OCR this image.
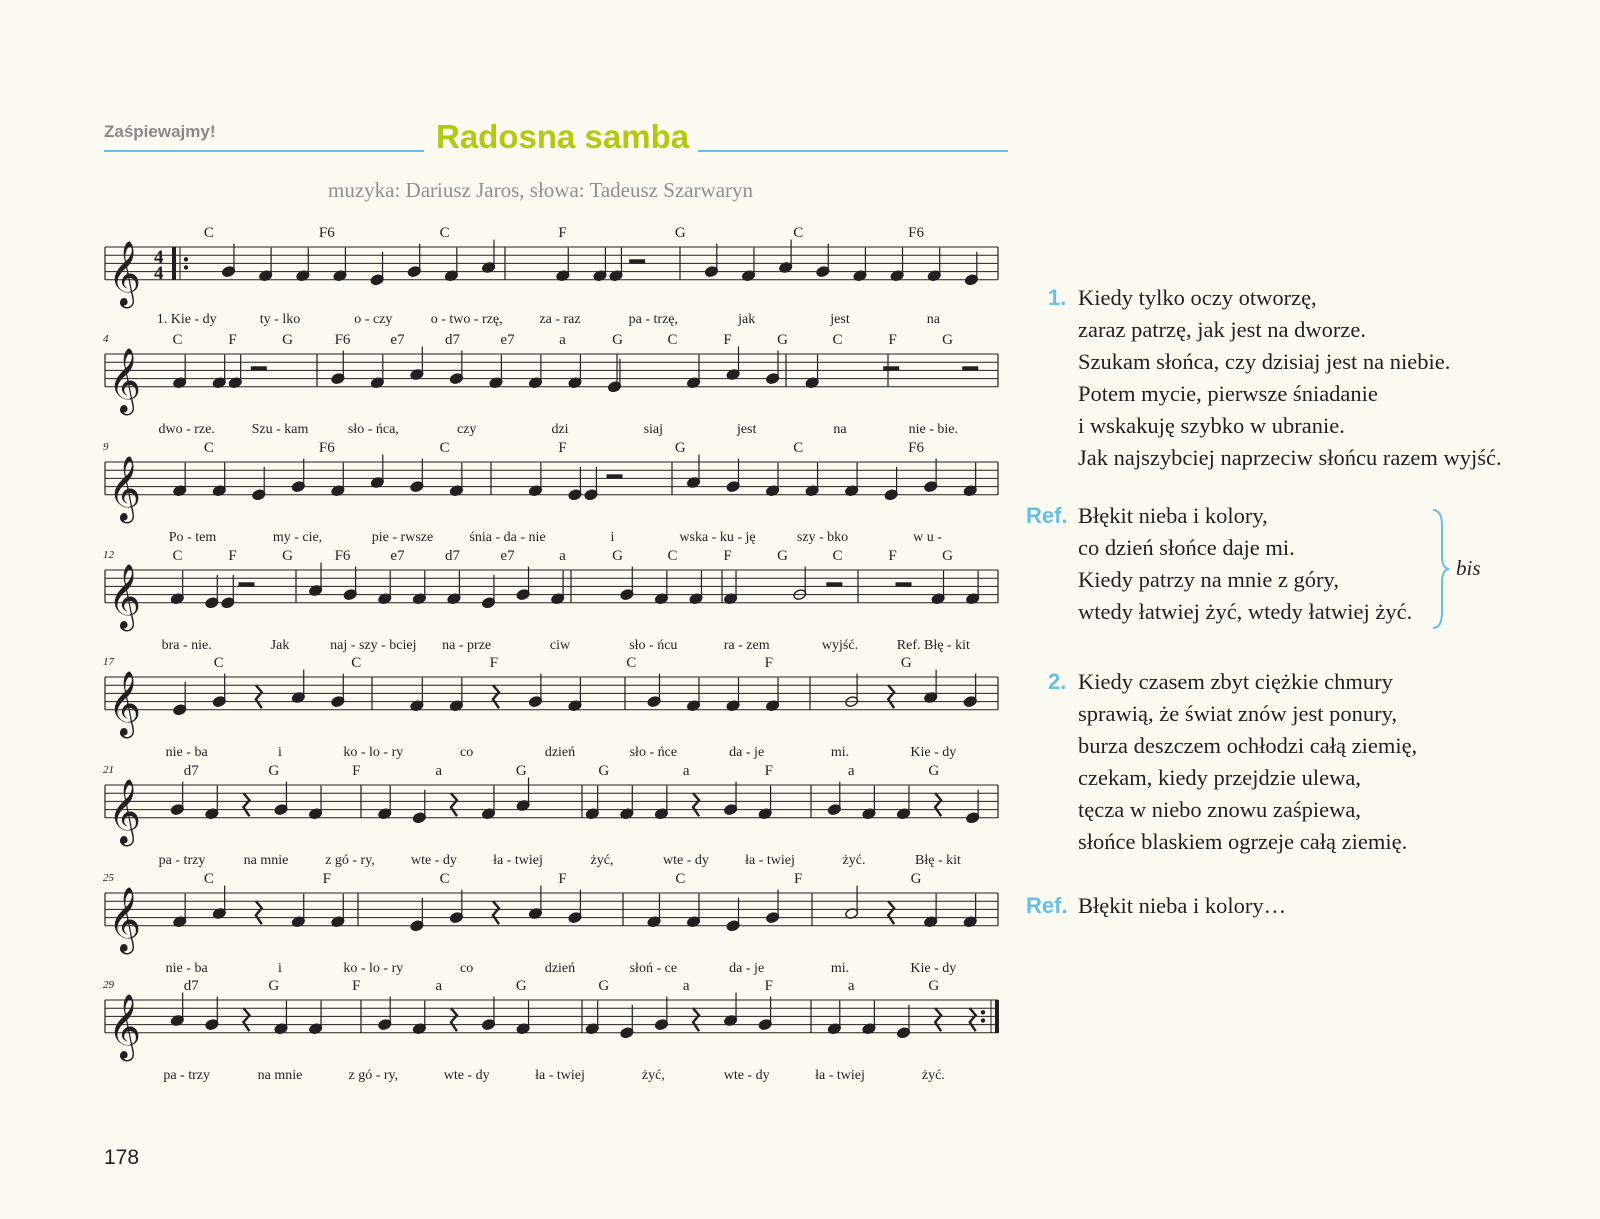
Zaśpiewajmy!	Radosna samba
muzyka: Dariusz Jaros, słowa: Tadeusz Szarwaryn
𝄞 4
4
C	F6	C	F	G	C	F6
1. Kie - dy	ty - lko	o - czy	o - two - rzę,	za - raz	pa - trzę,	jak	jest	na
𝄞
4	C	F	G	F6	e7	d7	e7	a	G	C	F	G	C	F	G
dwo - rze.	Szu - kam	sło - ńca,	czy	dzi	siaj	jest	na	nie - bie.
𝄞
9	C	F6	C	F	G	C	F6
Po - tem	my - cie,	pie - rwsze	śnia - da - nie	i	wska - ku - ję	szy - bko	w u -
𝄞
12	C	F	G	F6	e7	d7	e7	a	G	C	F	G	C	F	G
bra - nie.	Jak	naj - szy - bciej na - prze	ciw	sło - ńcu	ra - zem	wyjść.	Ref. Błę - kit
𝄞
17	C	C	F	C	F	G
nie - ba	i	ko - lo - ry	co	dzień	sło - ńce	da - je	mi.	Kie - dy
𝄞
21	d7	G	F	a	G	G	a	F	a	G
pa - trzy	na mnie	z gó - ry,	wte - dy	ła - twiej	żyć,	wte - dy	ła - twiej	żyć.	Błę - kit
𝄞
25	C	F	C	F	C	F	G
nie - ba	i	ko - lo - ry	co	dzień	słoń - ce	da - je	mi.	Kie - dy
𝄞
29	d7	G	F	a	G	G	a	F	a	G
pa - trzy	na mnie	z gó - ry,	wte - dy	ła - twiej	żyć,	wte - dy	ła - twiej	żyć.
1. Kiedy tylko oczy otworzę,
zaraz patrzę, jak jest na dworze.
Szukam słońca, czy dzisiaj jest na niebie.
Potem mycie, pierwsze śniadanie
i wskakuję szybko w ubranie.
Jak najszybciej naprzeciw słońcu razem wyjść.
Ref. Błękit nieba i kolory,
co dzień słońce daje mi.
Kiedy patrzy na mnie z góry,
wtedy łatwiej żyć, wtedy łatwiej żyć.
bis
2. Kiedy czasem zbyt ciężkie chmury
sprawią, że świat znów jest ponury,
burza deszczem ochłodzi całą ziemię,
czekam, kiedy przejdzie ulewa,
tęcza w niebo znowu zaśpiewa,
słońce blaskiem ogrzeje całą ziemię.
Ref. Błękit nieba i kolory…
178
